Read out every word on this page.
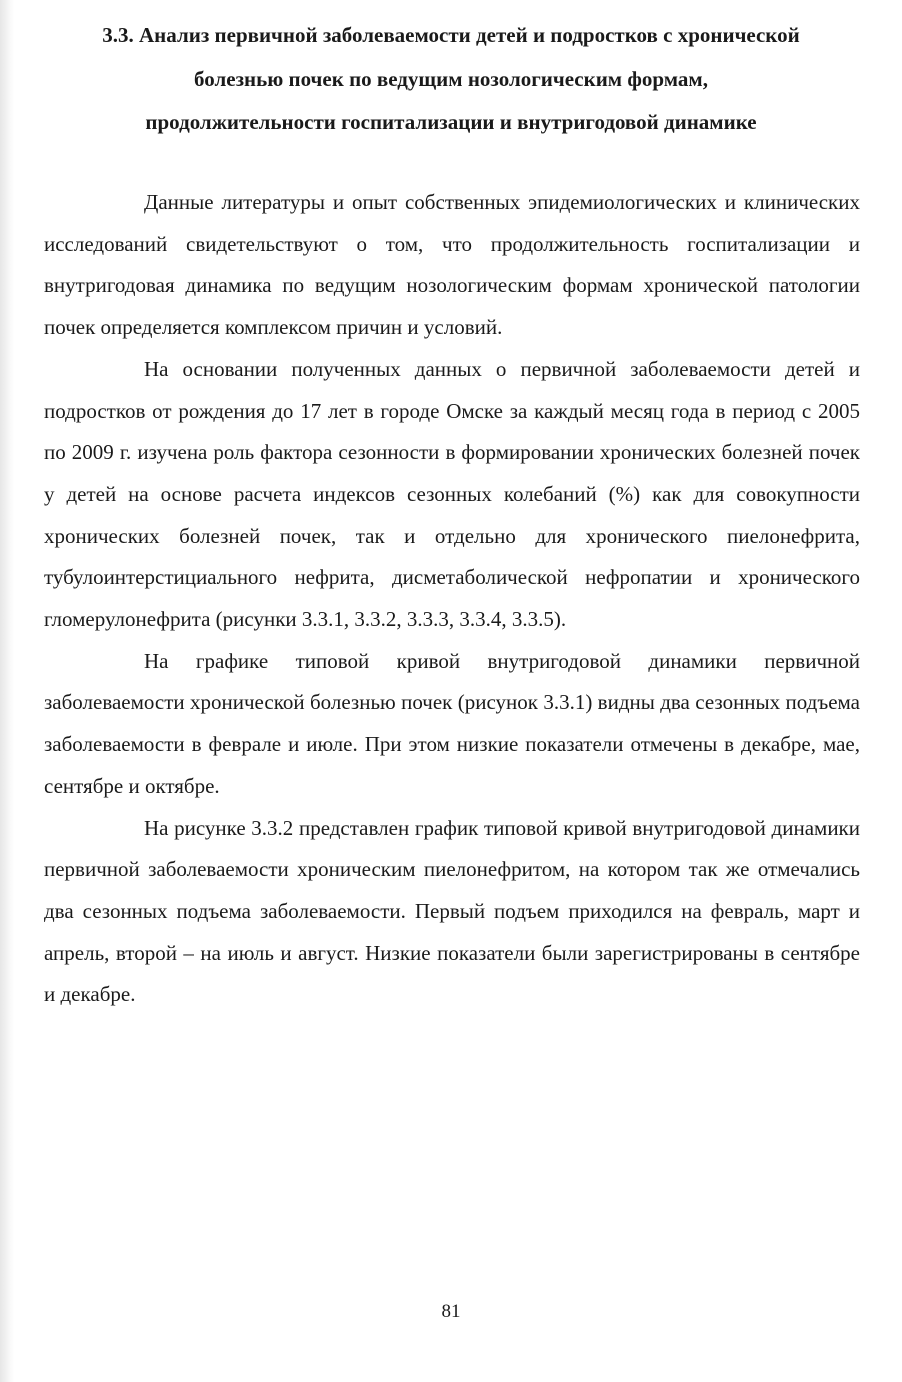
3.3. Анализ первичной заболеваемости детей и подростков с хронической
болезнью почек по ведущим нозологическим формам,
продолжительности госпитализации и внутригодовой динамике

Данные литературы и опыт собственных эпидемиологических и клинических исследований свидетельствуют о том, что продолжительность госпитализации и внутригодовая динамика по ведущим нозологическим формам хронической патологии почек определяется комплексом причин и условий.

На основании полученных данных о первичной заболеваемости детей и подростков от рождения до 17 лет в городе Омске за каждый месяц года в период с 2005 по 2009 г. изучена роль фактора сезонности в формировании хронических болезней почек у детей на основе расчета индексов сезонных колебаний (%) как для совокупности хронических болезней почек, так и отдельно для хронического пиелонефрита, тубулоинтерстициального нефрита, дисметаболической нефропатии и хронического гломерулонефрита (рисунки 3.3.1, 3.3.2, 3.3.3, 3.3.4, 3.3.5).

На графике типовой кривой внутригодовой динамики первичной заболеваемости хронической болезнью почек (рисунок 3.3.1) видны два сезонных подъема заболеваемости в феврале и июле. При этом низкие показатели отмечены в декабре, мае, сентябре и октябре.

На рисунке 3.3.2 представлен график типовой кривой внутригодовой динамики первичной заболеваемости хроническим пиелонефритом, на котором так же отмечались два сезонных подъема заболеваемости. Первый подъем приходился на февраль, март и апрель, второй – на июль и август. Низкие показатели были зарегистрированы в сентябре и декабре.

81
